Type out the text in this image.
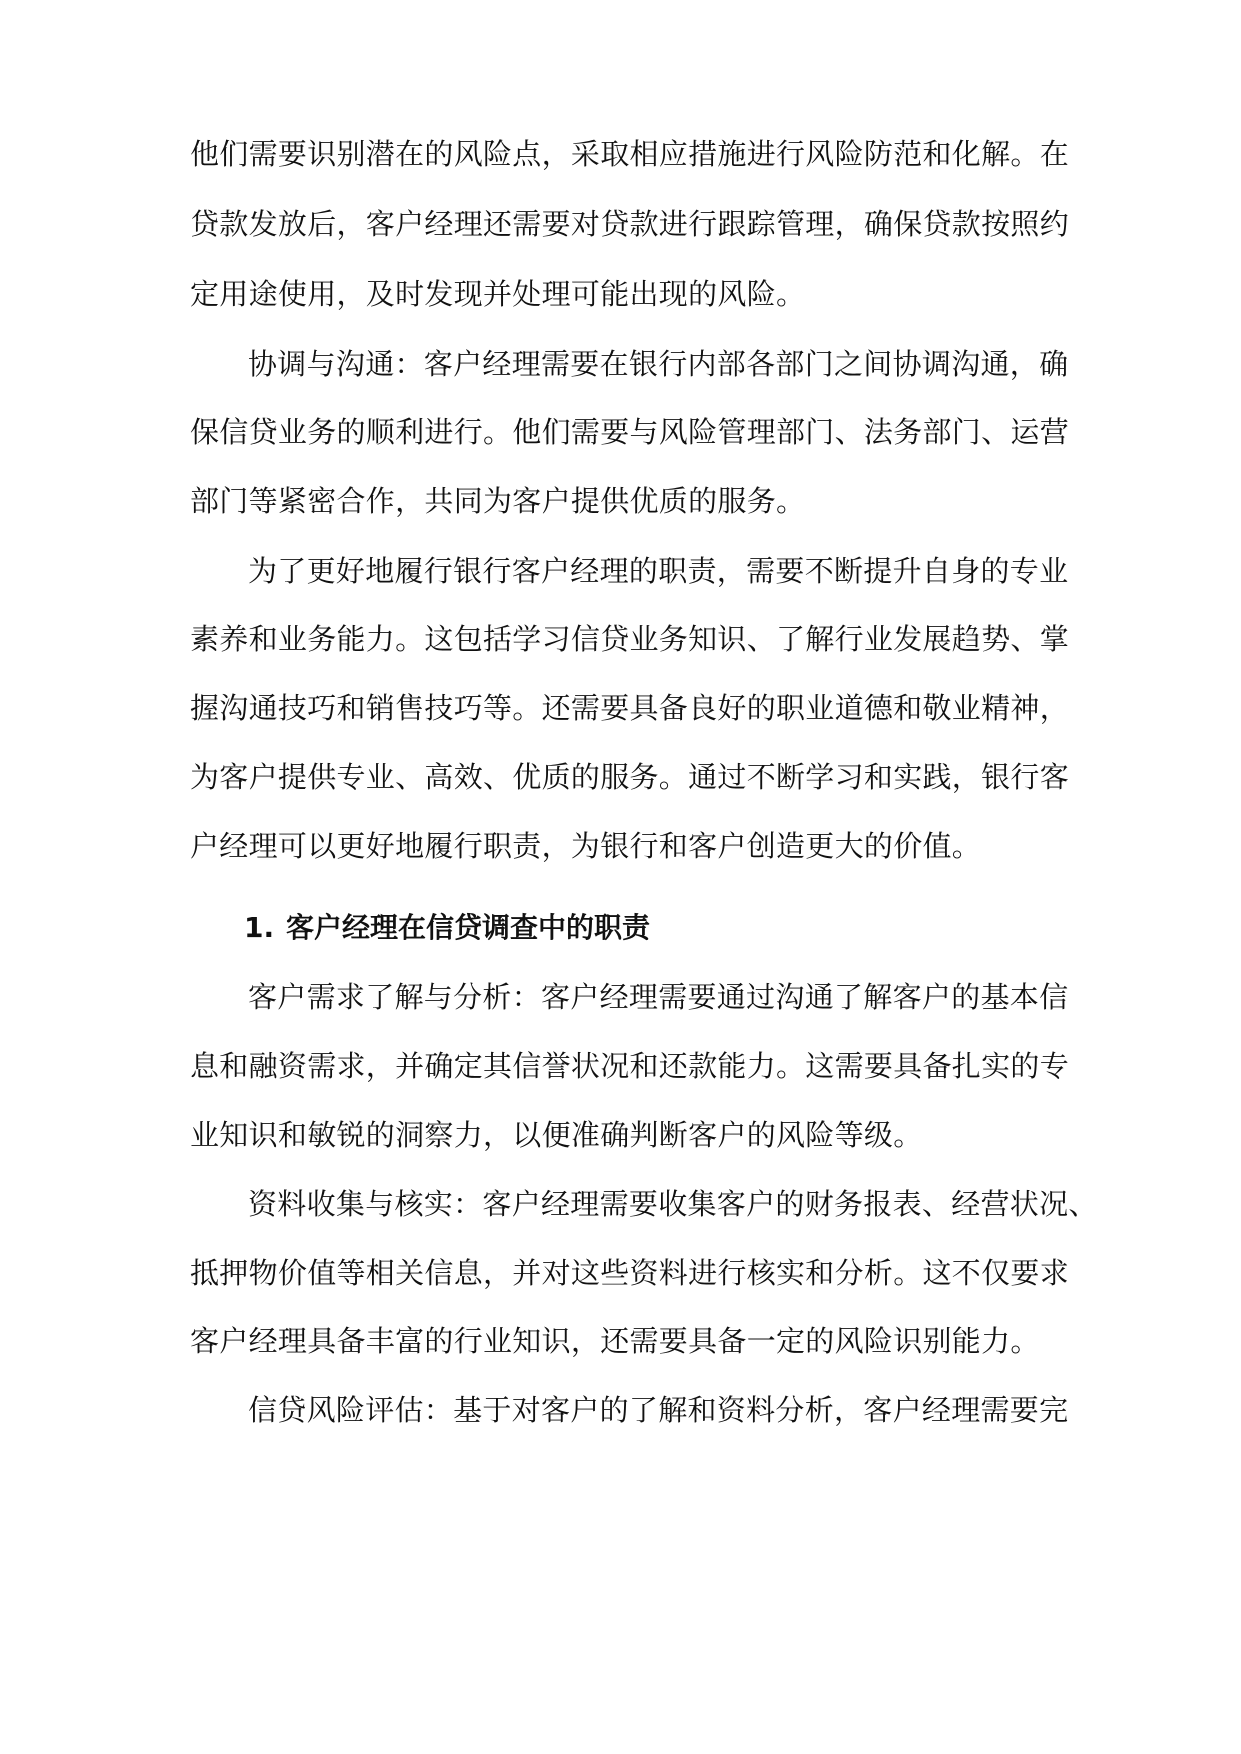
他们需要识别潜在的风险点，采取相应措施进行风险防范和化解。在
贷款发放后，客户经理还需要对贷款进行跟踪管理，确保贷款按照约
定用途使用，及时发现并处理可能出现的风险。
协调与沟通：客户经理需要在银行内部各部门之间协调沟通，确
保信贷业务的顺利进行。他们需要与风险管理部门、法务部门、运营
部门等紧密合作，共同为客户提供优质的服务。
为了更好地履行银行客户经理的职责，需要不断提升自身的专业
素养和业务能力。这包括学习信贷业务知识、了解行业发展趋势、掌
握沟通技巧和销售技巧等。还需要具备良好的职业道德和敬业精神，
为客户提供专业、高效、优质的服务。通过不断学习和实践，银行客
户经理可以更好地履行职责，为银行和客户创造更大的价值。
1. 客户经理在信贷调查中的职责
客户需求了解与分析：客户经理需要通过沟通了解客户的基本信
息和融资需求，并确定其信誉状况和还款能力。这需要具备扎实的专
业知识和敏锐的洞察力，以便准确判断客户的风险等级。
资料收集与核实：客户经理需要收集客户的财务报表、经营状况、
抵押物价值等相关信息，并对这些资料进行核实和分析。这不仅要求
客户经理具备丰富的行业知识，还需要具备一定的风险识别能力。
信贷风险评估：基于对客户的了解和资料分析，客户经理需要完
